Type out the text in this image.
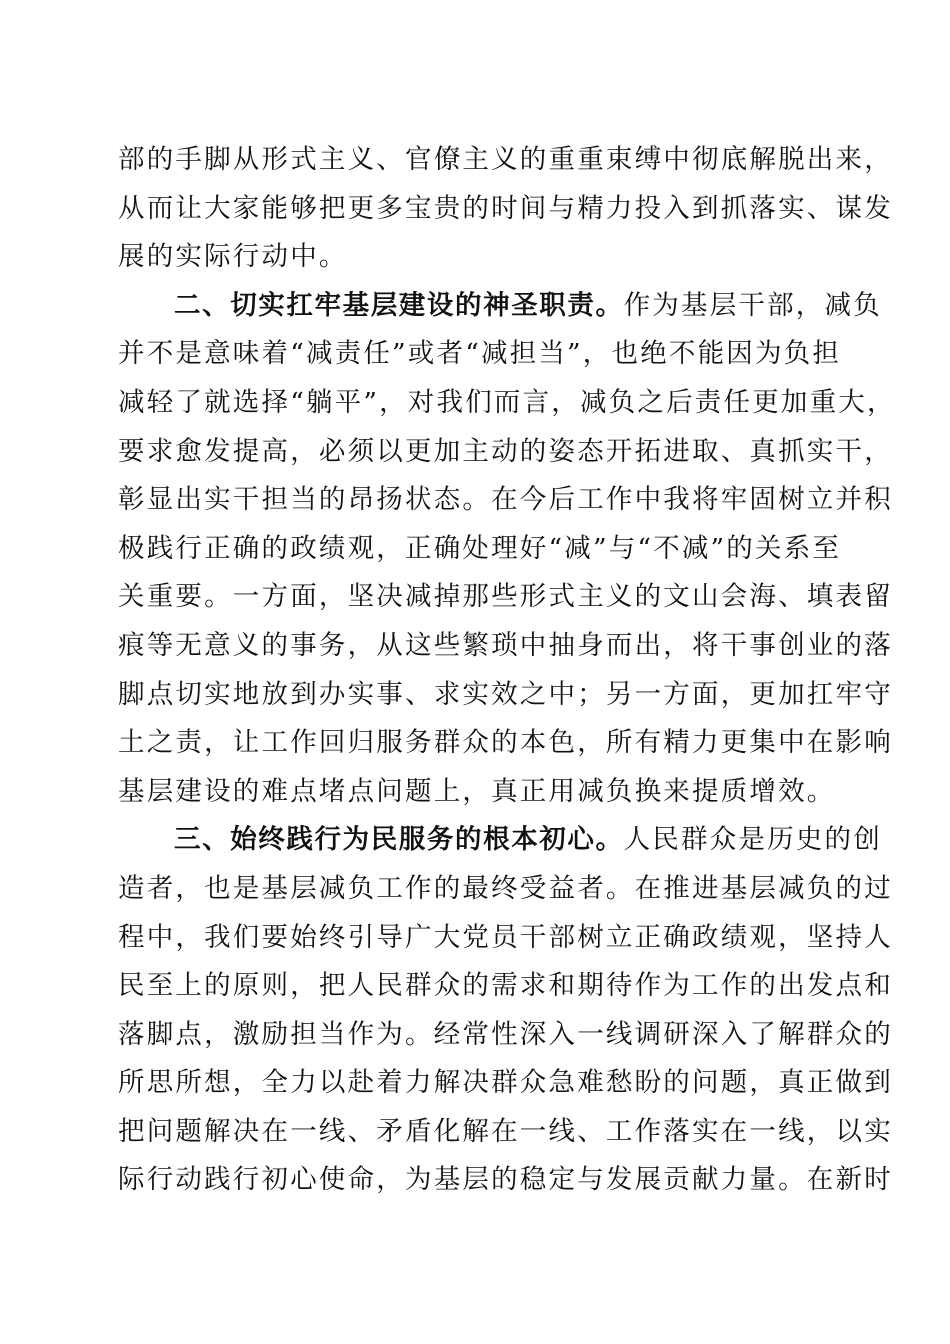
部的手脚从形式主义、官僚主义的重重束缚中彻底解脱出来，
从而让大家能够把更多宝贵的时间与精力投入到抓落实、谋发
展的实际行动中。
二、切实扛牢基层建设的神圣职责。作为基层干部，减负
并不是意味着“减责任”或者“减担当”，也绝不能因为负担
减轻了就选择“躺平”，对我们而言，减负之后责任更加重大，
要求愈发提高，必须以更加主动的姿态开拓进取、真抓实干，
彰显出实干担当的昂扬状态。在今后工作中我将牢固树立并积
极践行正确的政绩观，正确处理好“减”与“不减”的关系至
关重要。一方面，坚决减掉那些形式主义的文山会海、填表留
痕等无意义的事务，从这些繁琐中抽身而出，将干事创业的落
脚点切实地放到办实事、求实效之中；另一方面，更加扛牢守
土之责，让工作回归服务群众的本色，所有精力更集中在影响
基层建设的难点堵点问题上，真正用减负换来提质增效。
三、始终践行为民服务的根本初心。人民群众是历史的创
造者，也是基层减负工作的最终受益者。在推进基层减负的过
程中，我们要始终引导广大党员干部树立正确政绩观，坚持人
民至上的原则，把人民群众的需求和期待作为工作的出发点和
落脚点，激励担当作为。经常性深入一线调研深入了解群众的
所思所想，全力以赴着力解决群众急难愁盼的问题，真正做到
把问题解决在一线、矛盾化解在一线、工作落实在一线，以实
际行动践行初心使命，为基层的稳定与发展贡献力量。在新时
